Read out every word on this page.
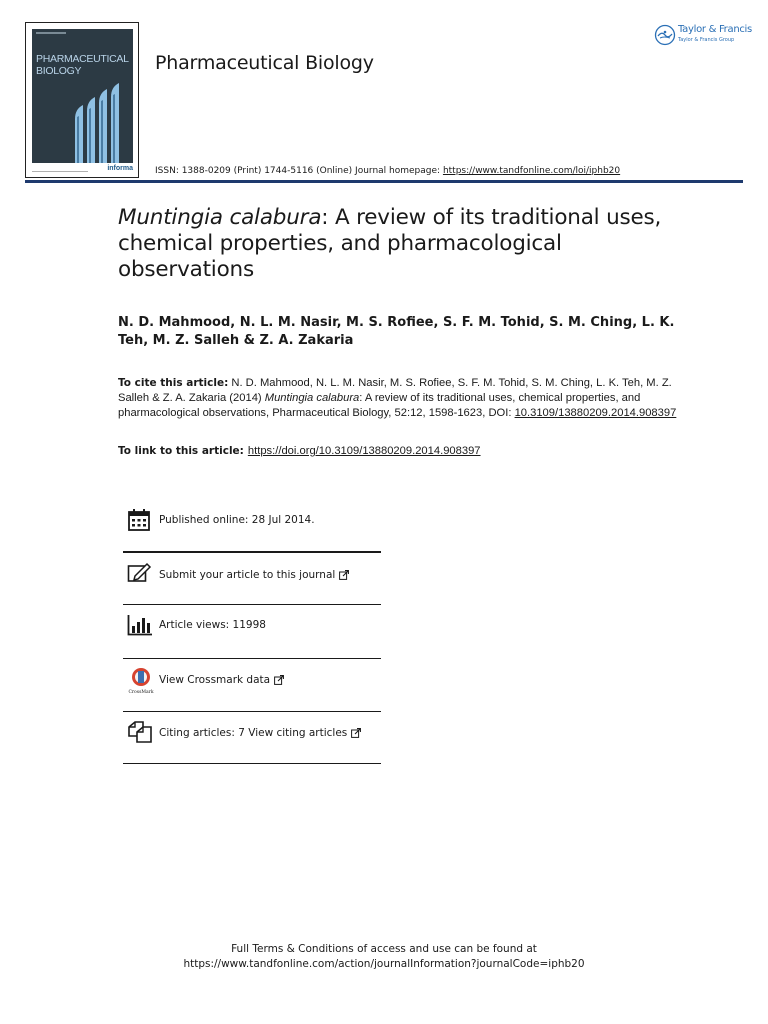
PHARMACEUTICAL
BIOLOGY
informa
Pharmaceutical Biology
Taylor & Francis
Taylor & Francis Group
ISSN: 1388-0209 (Print) 1744-5116 (Online) Journal homepage: https://www.tandfonline.com/loi/iphb20
Muntingia calabura: A review of its traditional uses, chemical properties, and pharmacological observations
N. D. Mahmood, N. L. M. Nasir, M. S. Rofiee, S. F. M. Tohid, S. M. Ching, L. K. Teh, M. Z. Salleh & Z. A. Zakaria
To cite this article: N. D. Mahmood, N. L. M. Nasir, M. S. Rofiee, S. F. M. Tohid, S. M. Ching, L. K. Teh, M. Z. Salleh & Z. A. Zakaria (2014) Muntingia calabura: A review of its traditional uses, chemical properties, and pharmacological observations, Pharmaceutical Biology, 52:12, 1598-1623, DOI: 10.3109/13880209.2014.908397
To link to this article: https://doi.org/10.3109/13880209.2014.908397
Published online: 28 Jul 2014.
Submit your article to this journal
Article views: 11998
CrossMark
View Crossmark data
Citing articles: 7 View citing articles
Full Terms & Conditions of access and use can be found at
https://www.tandfonline.com/action/journalInformation?journalCode=iphb20
